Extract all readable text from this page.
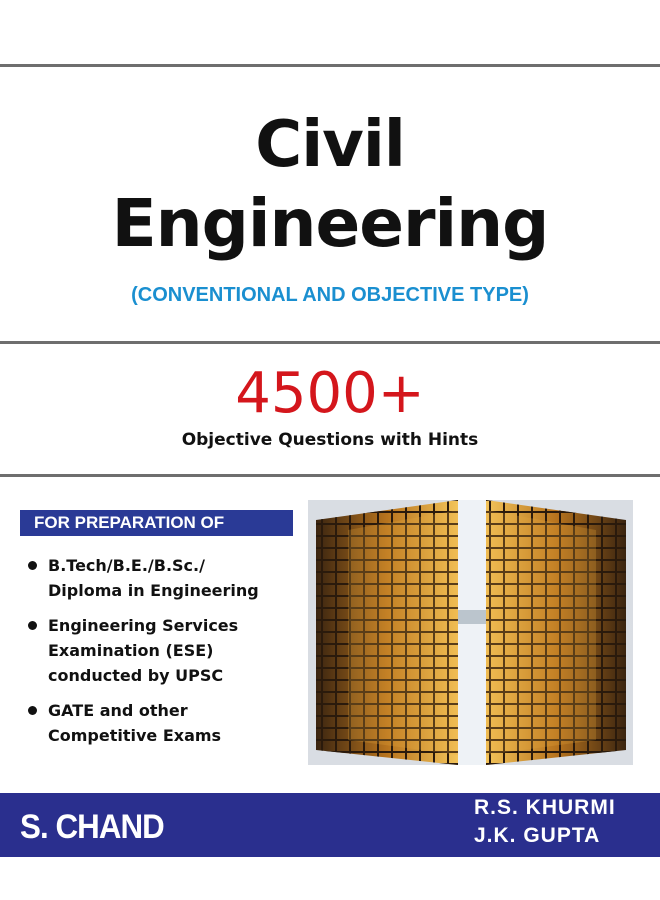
Civil
Engineering
(CONVENTIONAL AND OBJECTIVE TYPE)
4500+
Objective Questions with Hints
FOR PREPARATION OF
B.Tech/B.E./B.Sc./
Diploma in Engineering
Engineering Services
Examination (ESE)
conducted by UPSC
GATE and other
Competitive Exams
S. CHAND
R.S. KHURMI
J.K. GUPTA
